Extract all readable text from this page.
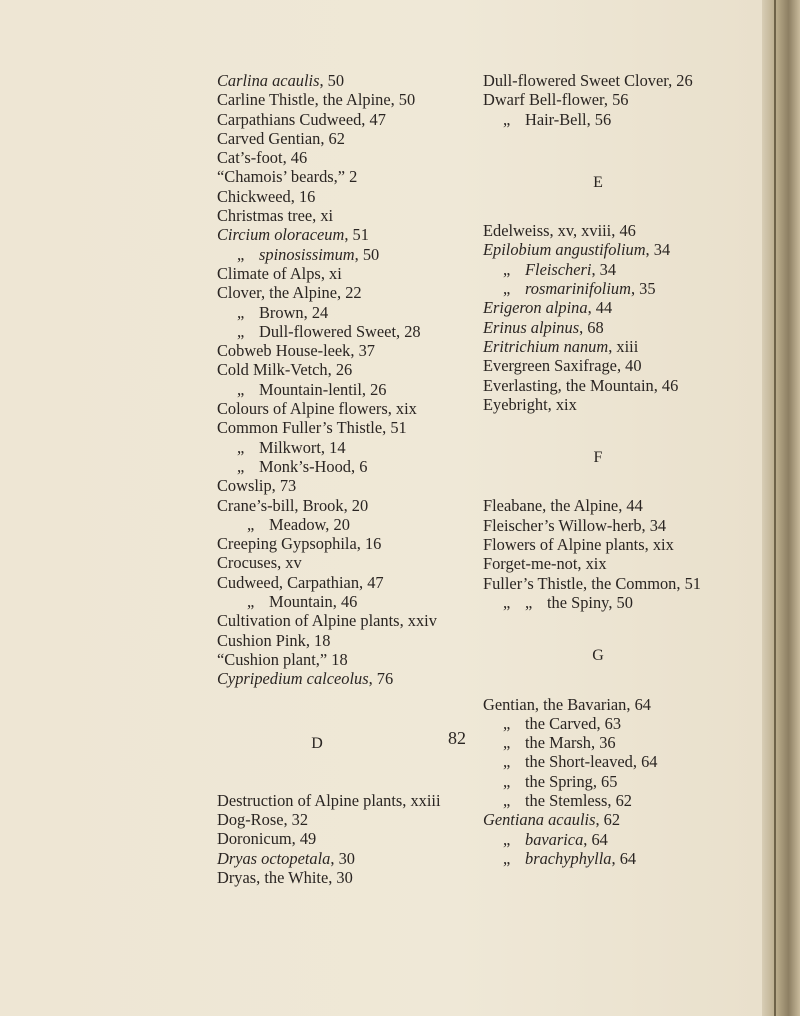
Carlina acaulis, 50
Carline Thistle, the Alpine, 50
Carpathians Cudweed, 47
Carved Gentian, 62
Cat’s-foot, 46
“Chamois’ beards,” 2
Chickweed, 16
Christmas tree, xi
Circium oloraceum, 51
„ spinosissimum, 50
Climate of Alps, xi
Clover, the Alpine, 22
„ Brown, 24
„ Dull-flowered Sweet, 28
Cobweb House-leek, 37
Cold Milk-Vetch, 26
„ Mountain-lentil, 26
Colours of Alpine flowers, xix
Common Fuller’s Thistle, 51
„ Milkwort, 14
„ Monk’s-Hood, 6
Cowslip, 73
Crane’s-bill, Brook, 20
„ Meadow, 20
Creeping Gypsophila, 16
Crocuses, xv
Cudweed, Carpathian, 47
„ Mountain, 46
Cultivation of Alpine plants, xxiv
Cushion Pink, 18
“Cushion plant,” 18
Cypripedium calceolus, 76
D
Destruction of Alpine plants, xxiii
Dog-Rose, 32
Doronicum, 49
Dryas octopetala, 30
Dryas, the White, 30
Dull-flowered Sweet Clover, 26
Dwarf Bell-flower, 56
„ Hair-Bell, 56
E
Edelweiss, xv, xviii, 46
Epilobium angustifolium, 34
„ Fleischeri, 34
„ rosmarinifolium, 35
Erigeron alpina, 44
Erinus alpinus, 68
Eritrichium nanum, xiii
Evergreen Saxifrage, 40
Everlasting, the Mountain, 46
Eyebright, xix
F
Fleabane, the Alpine, 44
Fleischer’s Willow-herb, 34
Flowers of Alpine plants, xix
Forget-me-not, xix
Fuller’s Thistle, the Common, 51
„ „ the Spiny, 50
G
Gentian, the Bavarian, 64
„ the Carved, 63
„ the Marsh, 36
„ the Short-leaved, 64
„ the Spring, 65
„ the Stemless, 62
Gentiana acaulis, 62
„ bavarica, 64
„ brachyphylla, 64
82
